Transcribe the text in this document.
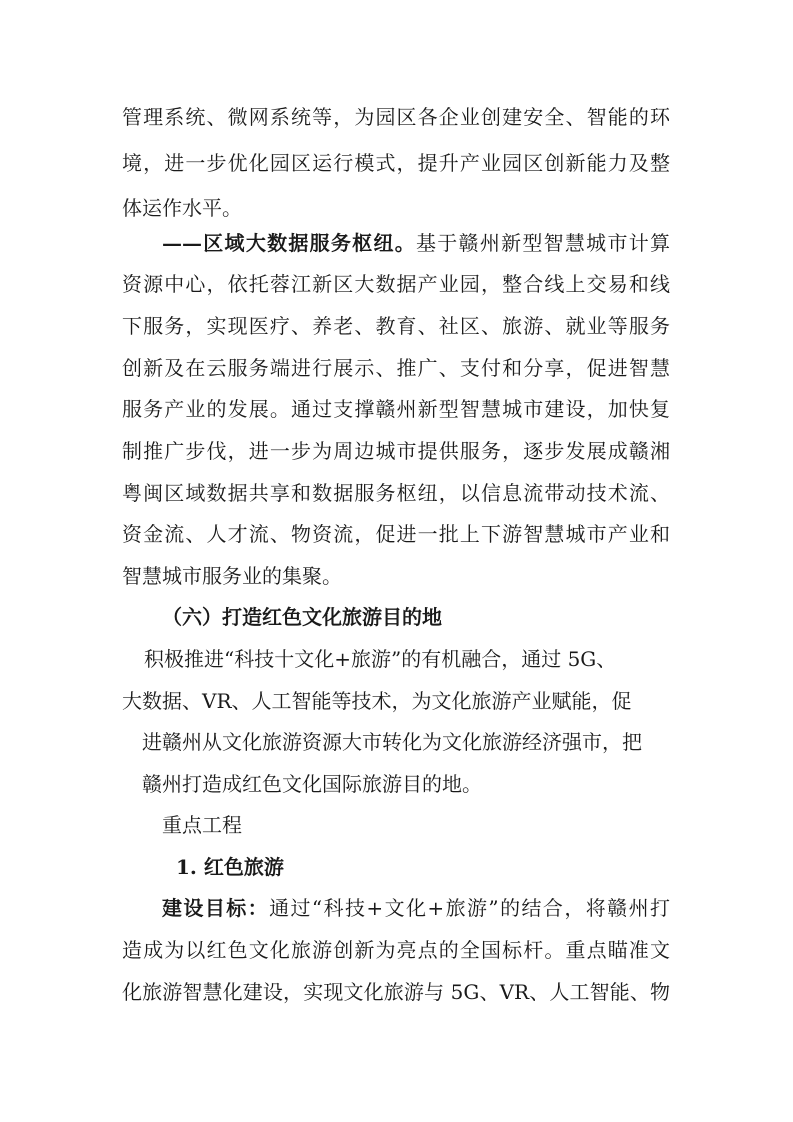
管理系统、微网系统等，为园区各企业创建安全、智能的环
境，进一步优化园区运行模式，提升产业园区创新能力及整
体运作水平。
——区域大数据服务枢纽。基于赣州新型智慧城市计算
资源中心，依托蓉江新区大数据产业园，整合线上交易和线
下服务，实现医疗、养老、教育、社区、旅游、就业等服务
创新及在云服务端进行展示、推广、支付和分享，促进智慧
服务产业的发展。通过支撑赣州新型智慧城市建设，加快复
制推广步伐，进一步为周边城市提供服务，逐步发展成赣湘
粤闽区域数据共享和数据服务枢纽，以信息流带动技术流、
资金流、人才流、物资流，促进一批上下游智慧城市产业和
智慧城市服务业的集聚。
（六）打造红色文化旅游目的地
积极推进“科技十文化+旅游”的有机融合，通过 5G、
大数据、VR、人工智能等技术，为文化旅游产业赋能，促
进赣州从文化旅游资源大市转化为文化旅游经济强市，把
赣州打造成红色文化国际旅游目的地。
重点工程
1. 红色旅游
建设目标：通过“科技+文化+旅游”的结合，将赣州打
造成为以红色文化旅游创新为亮点的全国标杆。重点瞄准文
化旅游智慧化建设，实现文化旅游与 5G、VR、人工智能、物
